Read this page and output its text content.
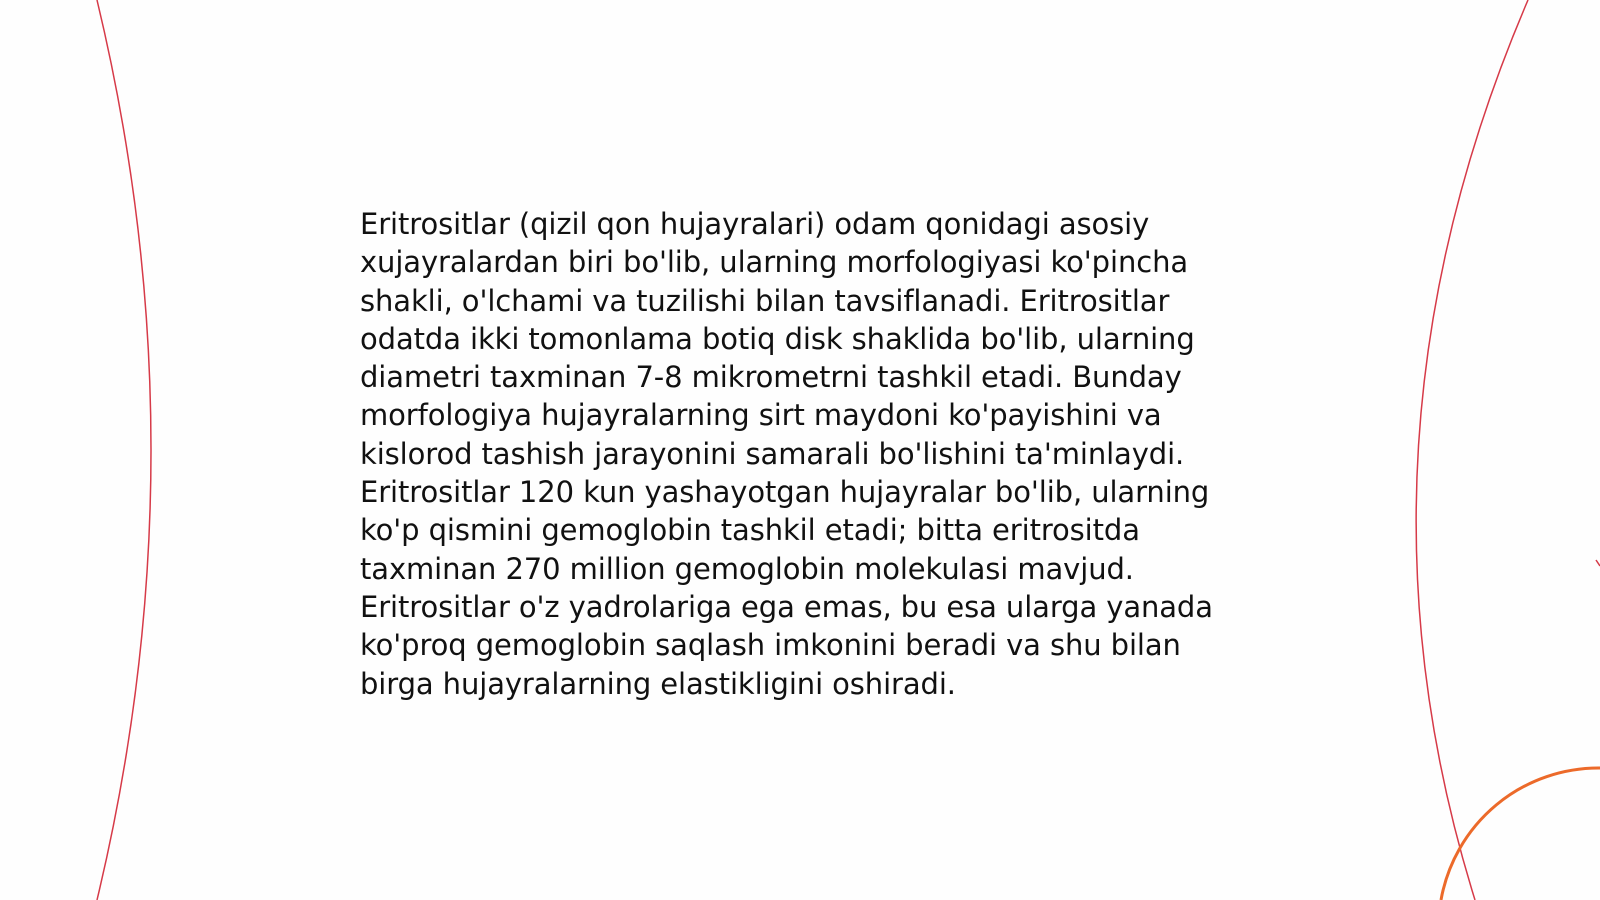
Eritrositlar (qizil qon hujayralari) odam qonidagi asosiy
xujayralardan biri bo'lib, ularning morfologiyasi ko'pincha
shakli, o'lchami va tuzilishi bilan tavsiflanadi. Eritrositlar
odatda ikki tomonlama botiq disk shaklida bo'lib, ularning
diametri taxminan 7-8 mikrometrni tashkil etadi. Bunday
morfologiya hujayralarning sirt maydoni ko'payishini va
kislorod tashish jarayonini samarali bo'lishini ta'minlaydi.
Eritrositlar 120 kun yashayotgan hujayralar bo'lib, ularning
ko'p qismini gemoglobin tashkil etadi; bitta eritrositda
taxminan 270 million gemoglobin molekulasi mavjud.
Eritrositlar o'z yadrolariga ega emas, bu esa ularga yanada
ko'proq gemoglobin saqlash imkonini beradi va shu bilan
birga hujayralarning elastikligini oshiradi.
